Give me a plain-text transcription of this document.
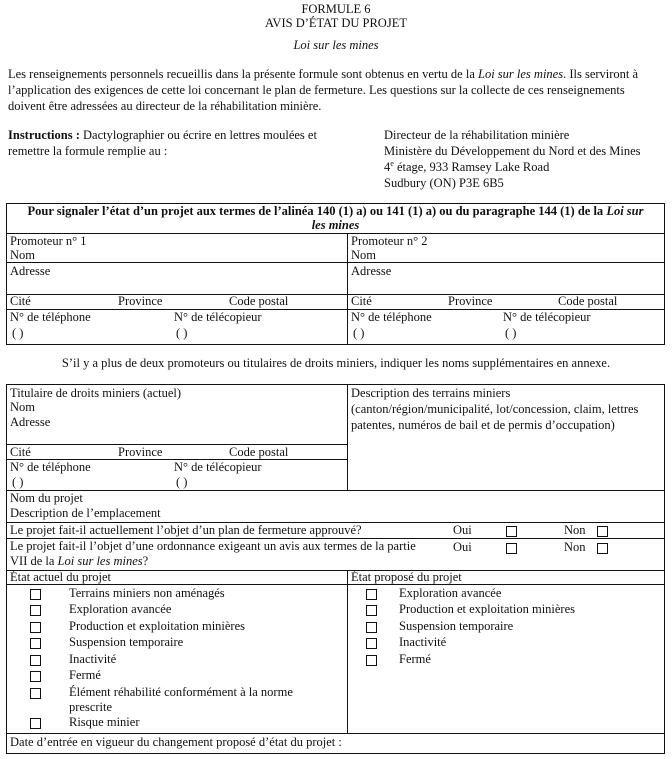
FORMULE 6
AVIS D’ÉTAT DU PROJET
Loi sur les mines
Les renseignements personnels recueillis dans la présente formule sont obtenus en vertu de la Loi sur les mines. Ils serviront à l’application des exigences de cette loi concernant le plan de fermeture. Les questions sur la collecte de ces renseignements doivent être adressées au directeur de la réhabilitation minière.
Instructions : Dactylographier ou écrire en lettres moulées et
remettre la formule remplie au :
Directeur de la réhabilitation minière
Ministère du Développement du Nord et des Mines
4e étage, 933 Ramsey Lake Road
Sudbury (ON) P3E 6B5
Pour signaler l’état d’un projet aux termes de l’alinéa 140 (1) a) ou 141 (1) a) ou du paragraphe 144 (1) de la Loi sur
les mines
Promoteur n° 1
Nom
Adresse
Cité	Province	Code postal
N° de téléphone
( )
N° de télécopieur
( )
Promoteur n° 2
Nom
Adresse
Cité	Province	Code postal
N° de téléphone
( )
N° de télécopieur
( )
S’il y a plus de deux promoteurs ou titulaires de droits miniers, indiquer les noms supplémentaires en annexe.
Titulaire de droits miniers (actuel)
Nom
Adresse
Cité	Province	Code postal
N° de téléphone
( )
N° de télécopieur
( )
Description des terrains miniers
(canton/région/municipalité, lot/concession, claim, lettres
patentes, numéros de bail et de permis d’occupation)
Nom du projet
Description de l’emplacement
Le projet fait-il actuellement l’objet d’un plan de fermeture approuvé?	Oui	Non
Le projet fait-il l’objet d’une ordonnance exigeant un avis aux termes de la partie
VII de la Loi sur les mines?
Oui	Non
État actuel du projet	État proposé du projet
Terrains miniers non aménagés
Exploration avancée
Production et exploitation minières
Suspension temporaire
Inactivité
Fermé
Élément réhabilité conformément à la norme
prescrite
Risque minier
Exploration avancée
Production et exploitation minières
Suspension temporaire
Inactivité
Fermé
Date d’entrée en vigueur du changement proposé d’état du projet :
